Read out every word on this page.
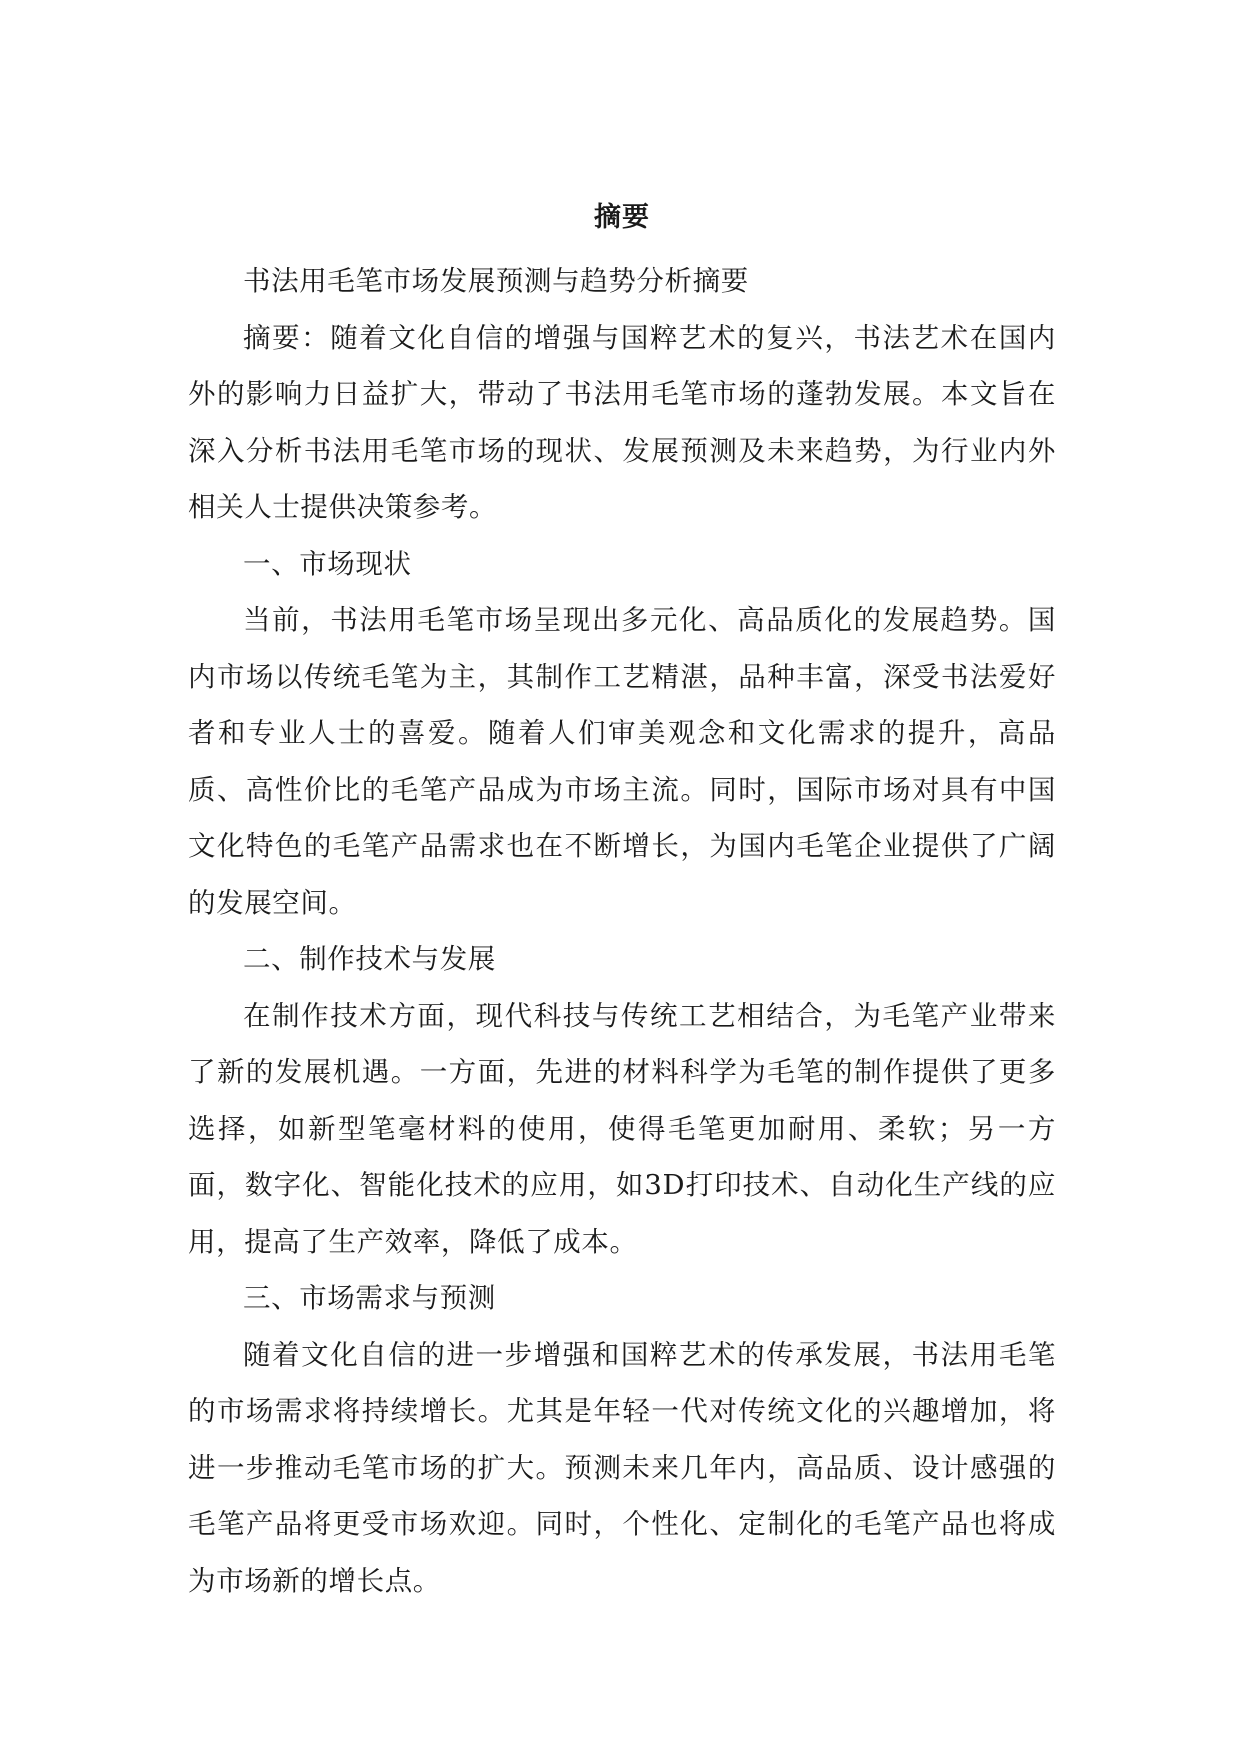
摘要

书法用毛笔市场发展预测与趋势分析摘要

摘要：随着文化自信的增强与国粹艺术的复兴，书法艺术在国内外的影响力日益扩大，带动了书法用毛笔市场的蓬勃发展。本文旨在深入分析书法用毛笔市场的现状、发展预测及未来趋势，为行业内外相关人士提供决策参考。

一、市场现状

当前，书法用毛笔市场呈现出多元化、高品质化的发展趋势。国内市场以传统毛笔为主，其制作工艺精湛，品种丰富，深受书法爱好者和专业人士的喜爱。随着人们审美观念和文化需求的提升，高品质、高性价比的毛笔产品成为市场主流。同时，国际市场对具有中国文化特色的毛笔产品需求也在不断增长，为国内毛笔企业提供了广阔的发展空间。

二、制作技术与发展

在制作技术方面，现代科技与传统工艺相结合，为毛笔产业带来了新的发展机遇。一方面，先进的材料科学为毛笔的制作提供了更多选择，如新型笔毫材料的使用，使得毛笔更加耐用、柔软；另一方面，数字化、智能化技术的应用，如3D打印技术、自动化生产线的应用，提高了生产效率，降低了成本。

三、市场需求与预测

随着文化自信的进一步增强和国粹艺术的传承发展，书法用毛笔的市场需求将持续增长。尤其是年轻一代对传统文化的兴趣增加，将进一步推动毛笔市场的扩大。预测未来几年内，高品质、设计感强的毛笔产品将更受市场欢迎。同时，个性化、定制化的毛笔产品也将成为市场新的增长点。
